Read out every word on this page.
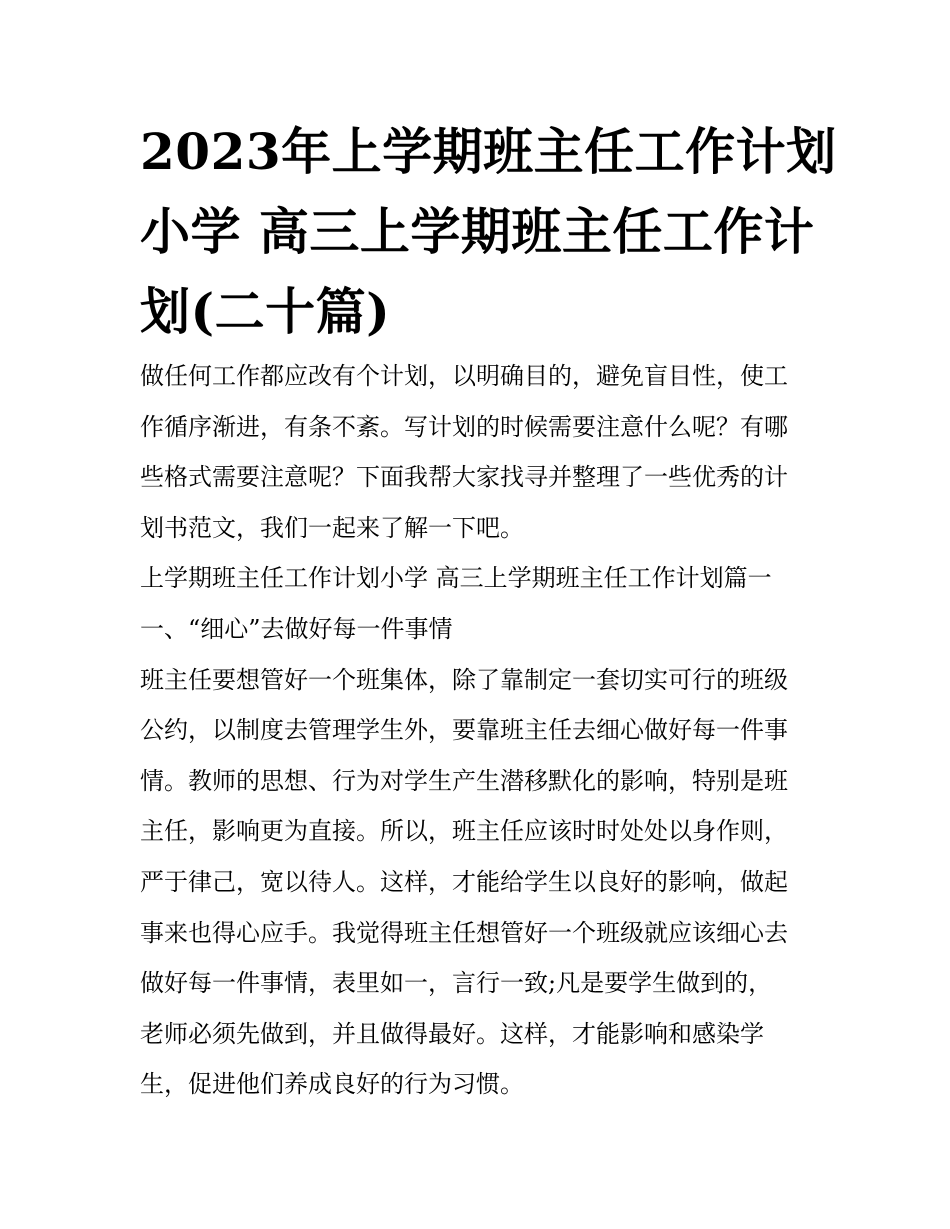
2023年上学期班主任工作计划
小学 高三上学期班主任工作计
划(二十篇)
做任何工作都应改有个计划，以明确目的，避免盲目性，使工
作循序渐进，有条不紊。写计划的时候需要注意什么呢？有哪
些格式需要注意呢？下面我帮大家找寻并整理了一些优秀的计
划书范文，我们一起来了解一下吧。
上学期班主任工作计划小学 高三上学期班主任工作计划篇一
一、“细心”去做好每一件事情
班主任要想管好一个班集体，除了靠制定一套切实可行的班级
公约，以制度去管理学生外，要靠班主任去细心做好每一件事
情。教师的思想、行为对学生产生潜移默化的影响，特别是班
主任，影响更为直接。所以，班主任应该时时处处以身作则，
严于律己，宽以待人。这样，才能给学生以良好的影响，做起
事来也得心应手。我觉得班主任想管好一个班级就应该细心去
做好每一件事情，表里如一，言行一致;凡是要学生做到的，
老师必须先做到，并且做得最好。这样，才能影响和感染学
生，促进他们养成良好的行为习惯。
